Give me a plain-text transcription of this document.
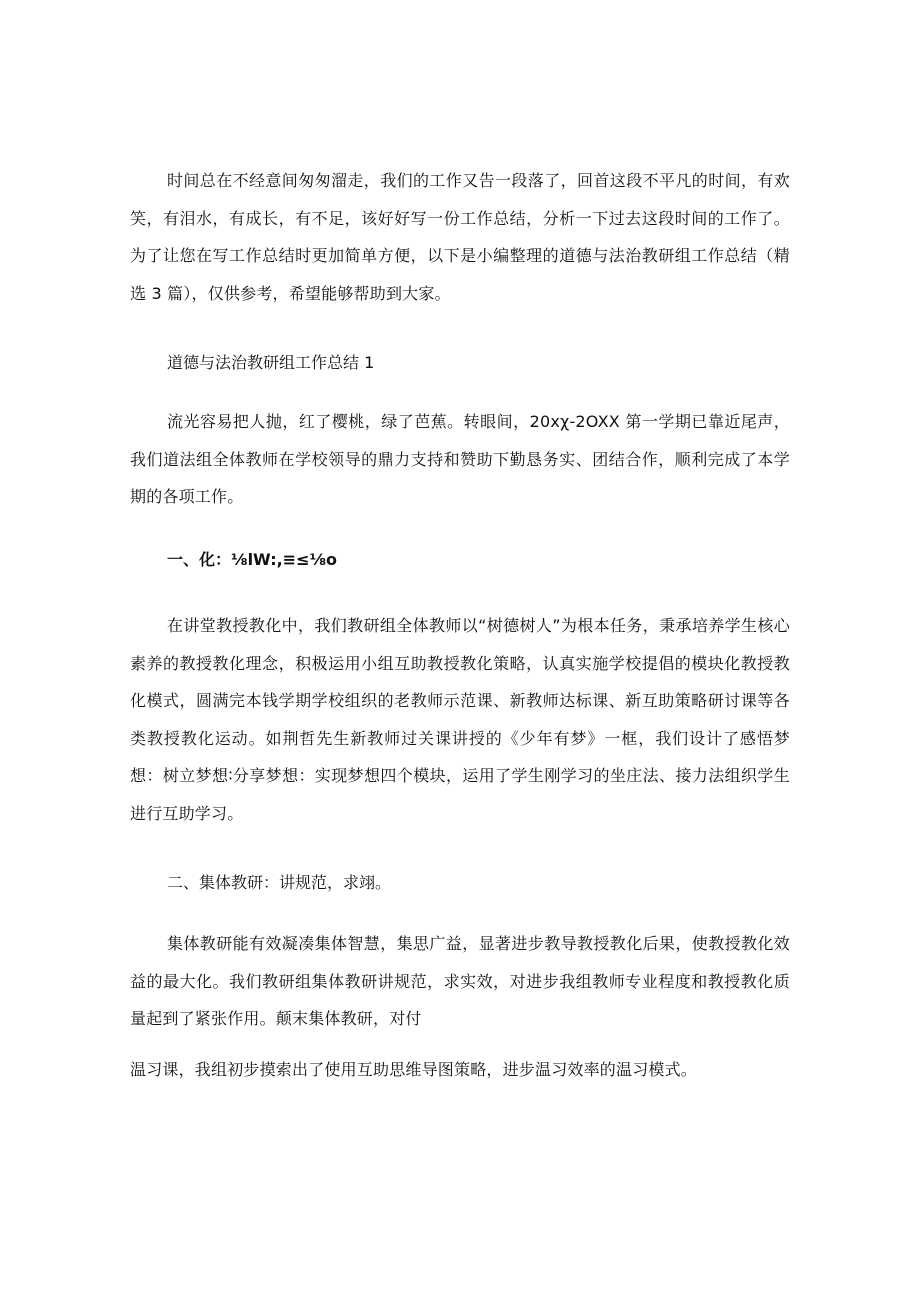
时间总在不经意间匆匆溜走，我们的工作又告一段落了，回首这段不平凡的时间，有欢笑，有泪水，有成长，有不足，该好好写一份工作总结，分析一下过去这段时间的工作了。为了让您在写工作总结时更加简单方便，以下是小编整理的道德与法治教研组工作总结（精选 3 篇），仅供参考，希望能够帮助到大家。

道德与法治教研组工作总结 1

流光容易把人抛，红了樱桃，绿了芭蕉。转眼间，20xχ-2OXX 第一学期已靠近尾声，我们道法组全体教师在学校领导的鼎力支持和赞助下勤恳务实、团结合作，顺利完成了本学期的各项工作。

一、化：⅛lW:,≡≤⅛o

在讲堂教授教化中，我们教研组全体教师以“树德树人”为根本任务，秉承培养学生核心素养的教授教化理念，积极运用小组互助教授教化策略，认真实施学校提倡的模块化教授教化模式，圆满完本钱学期学校组织的老教师示范课、新教师达标课、新互助策略研讨课等各类教授教化运动。如荆哲先生新教师过关课讲授的《少年有梦》一框，我们设计了感悟梦想：树立梦想∶分享梦想：实现梦想四个模块，运用了学生刚学习的坐庄法、接力法组织学生进行互助学习。

二、集体教研：讲规范，求翊。

集体教研能有效凝凑集体智慧，集思广益，显著进步教导教授教化后果，使教授教化效益的最大化。我们教研组集体教研讲规范，求实效，对进步我组教师专业程度和教授教化质量起到了紧张作用。颠末集体教研，对付

温习课，我组初步摸索出了使用互助思维导图策略，进步温习效率的温习模式。
